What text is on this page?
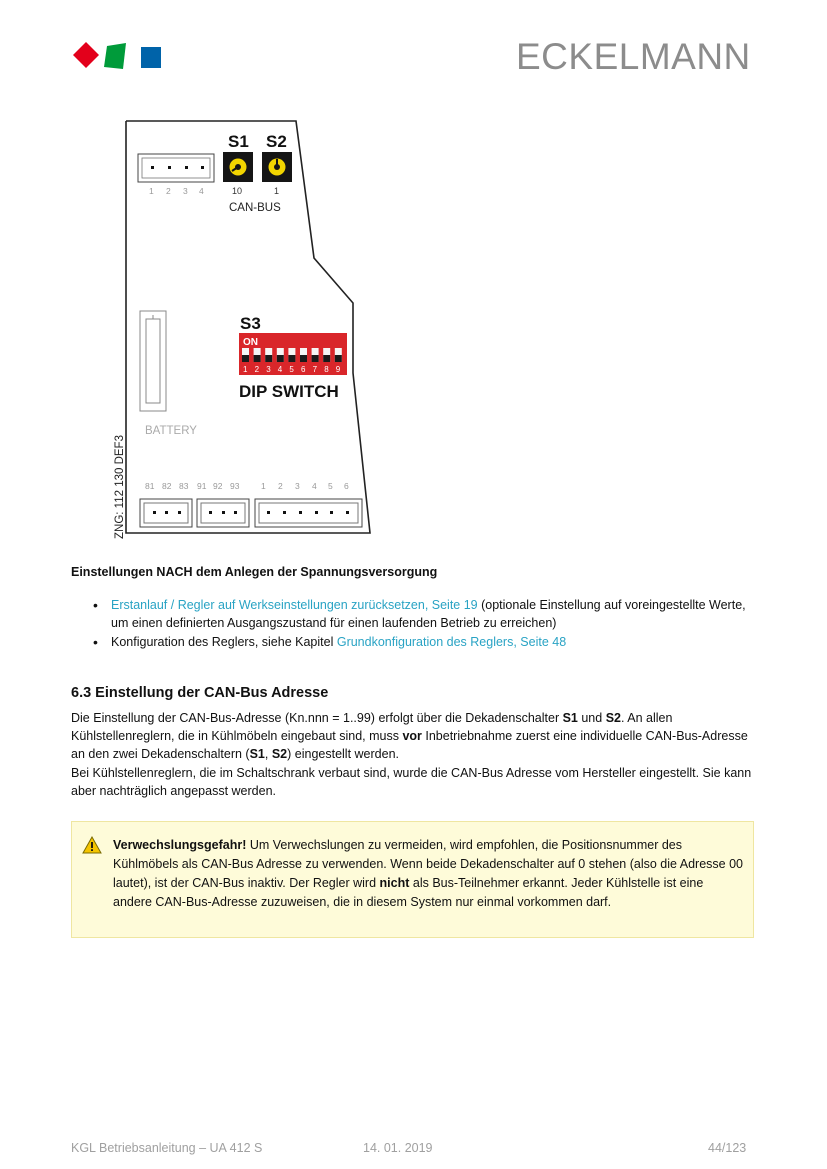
ECKELMANN
1 2 3 4
S1 S2
10	1
CAN-BUS
S3
ON
1 2 3 4 5 6 7 8 9
DIP SWITCH
BATTERY
ZNG: 112 130 DEF3 81 82 83 91 92 93	1 2 3 4 5 6
Einstellungen NACH dem Anlegen der Spannungsversorgung
• Erstanlauf / Regler auf Werkseinstellungen zurücksetzen, Seite 19 (optionale Einstellung auf voreingestellte Werte, um einen definierten Ausgangszustand für einen laufenden Betrieb zu erreichen)
• Konfiguration des Reglers, siehe Kapitel Grundkonfiguration des Reglers, Seite 48
6.3 Einstellung der CAN-Bus Adresse

Die Einstellung der CAN-Bus-Adresse (Kn.nnn = 1..99) erfolgt über die Dekadenschalter S1 und S2. An allen Kühlstellenreglern, die in Kühlmöbeln eingebaut sind, muss vor Inbetriebnahme zuerst eine individuelle CAN-Bus-Adresse an den zwei Dekadenschaltern (S1, S2) eingestellt werden.

Bei Kühlstellenreglern, die im Schaltschrank verbaut sind, wurde die CAN-Bus Adresse vom Hersteller eingestellt. Sie kann aber nachträglich angepasst werden.

Verwechslungsgefahr! Um Verwechslungen zu vermeiden, wird empfohlen, die Positionsnummer des Kühlmöbels als CAN-Bus Adresse zu verwenden. Wenn beide Dekadenschalter auf 0 stehen (also die Adresse 00 lautet), ist der CAN-Bus inaktiv. Der Regler wird nicht als Bus-Teilnehmer erkannt. Jeder Kühlstelle ist eine andere CAN-Bus-Adresse zuzuweisen, die in diesem System nur einmal vorkommen darf.
KGL Betriebsanleitung – UA 412 S	14. 01. 2019	44/123
